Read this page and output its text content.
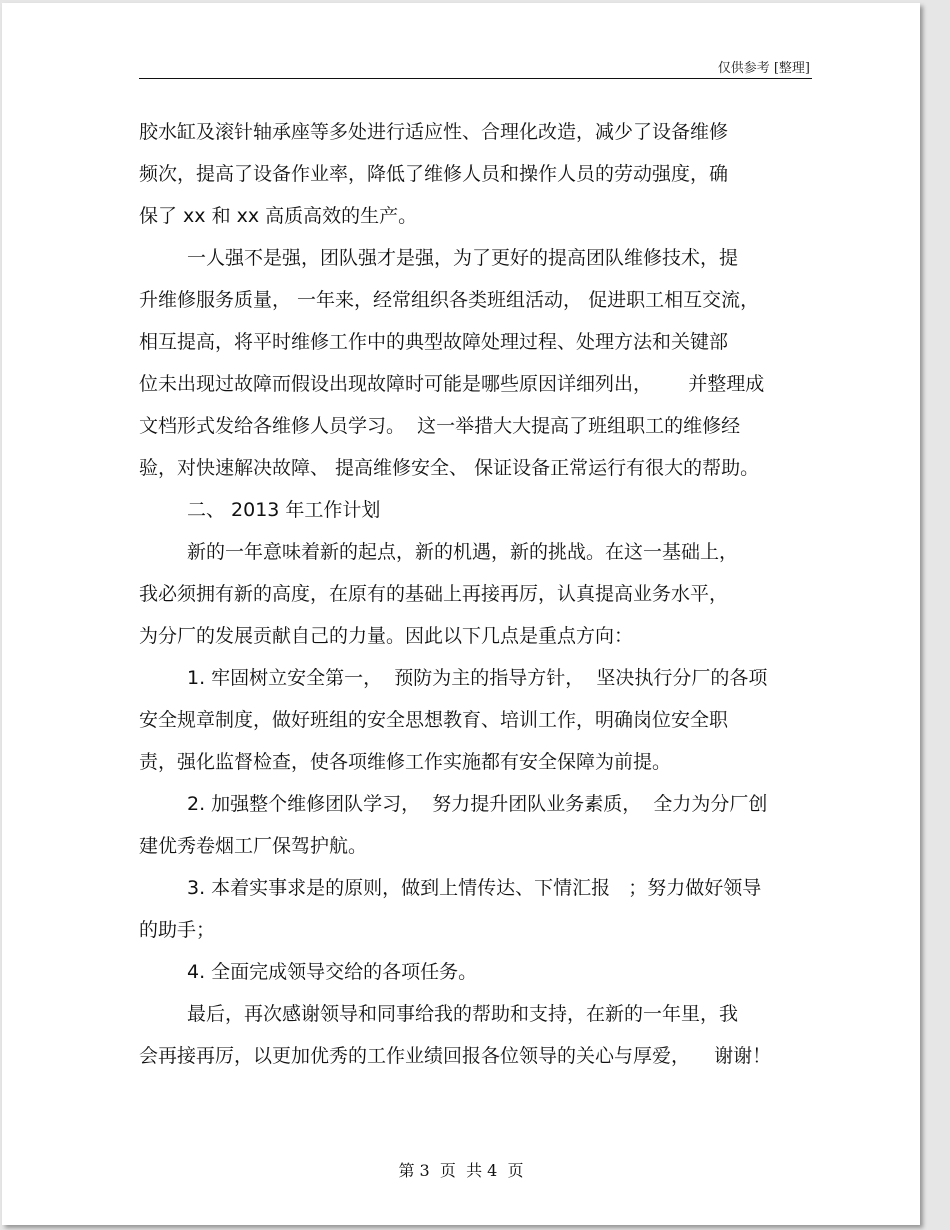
仅供参考 [整理]
胶水缸及滚针轴承座等多处进行适应性、合理化改造，减少了设备维修
频次，提高了设备作业率，降低了维修人员和操作人员的劳动强度，确
保了 xx 和 xx 高质高效的生产。
一人强不是强，团队强才是强，为了更好的提高团队维修技术，提
升维修服务质量， 一年来，经常组织各类班组活动， 促进职工相互交流，
相互提高，将平时维修工作中的典型故障处理过程、处理方法和关键部
位未出现过故障而假设出现故障时可能是哪些原因详细列出，      并整理成
文档形式发给各维修人员学习。  这一举措大大提高了班组职工的维修经
验，对快速解决故障、 提高维修安全、 保证设备正常运行有很大的帮助。
二、 2013 年工作计划
新的一年意味着新的起点，新的机遇，新的挑战。在这一基础上，
我必须拥有新的高度，在原有的基础上再接再厉，认真提高业务水平，
为分厂的发展贡献自己的力量。因此以下几点是重点方向：
1. 牢固树立安全第一，  预防为主的指导方针，  坚决执行分厂的各项
安全规章制度，做好班组的安全思想教育、培训工作，明确岗位安全职
责，强化监督检查，使各项维修工作实施都有安全保障为前提。
2. 加强整个维修团队学习，  努力提升团队业务素质，  全力为分厂创
建优秀卷烟工厂保驾护航。
3. 本着实事求是的原则，做到上情传达、下情汇报   ；努力做好领导
的助手；
4. 全面完成领导交给的各项任务。
最后，再次感谢领导和同事给我的帮助和支持，在新的一年里，我
会再接再厉，以更加优秀的工作业绩回报各位领导的关心与厚爱，    谢谢！
第 3  页  共 4  页
